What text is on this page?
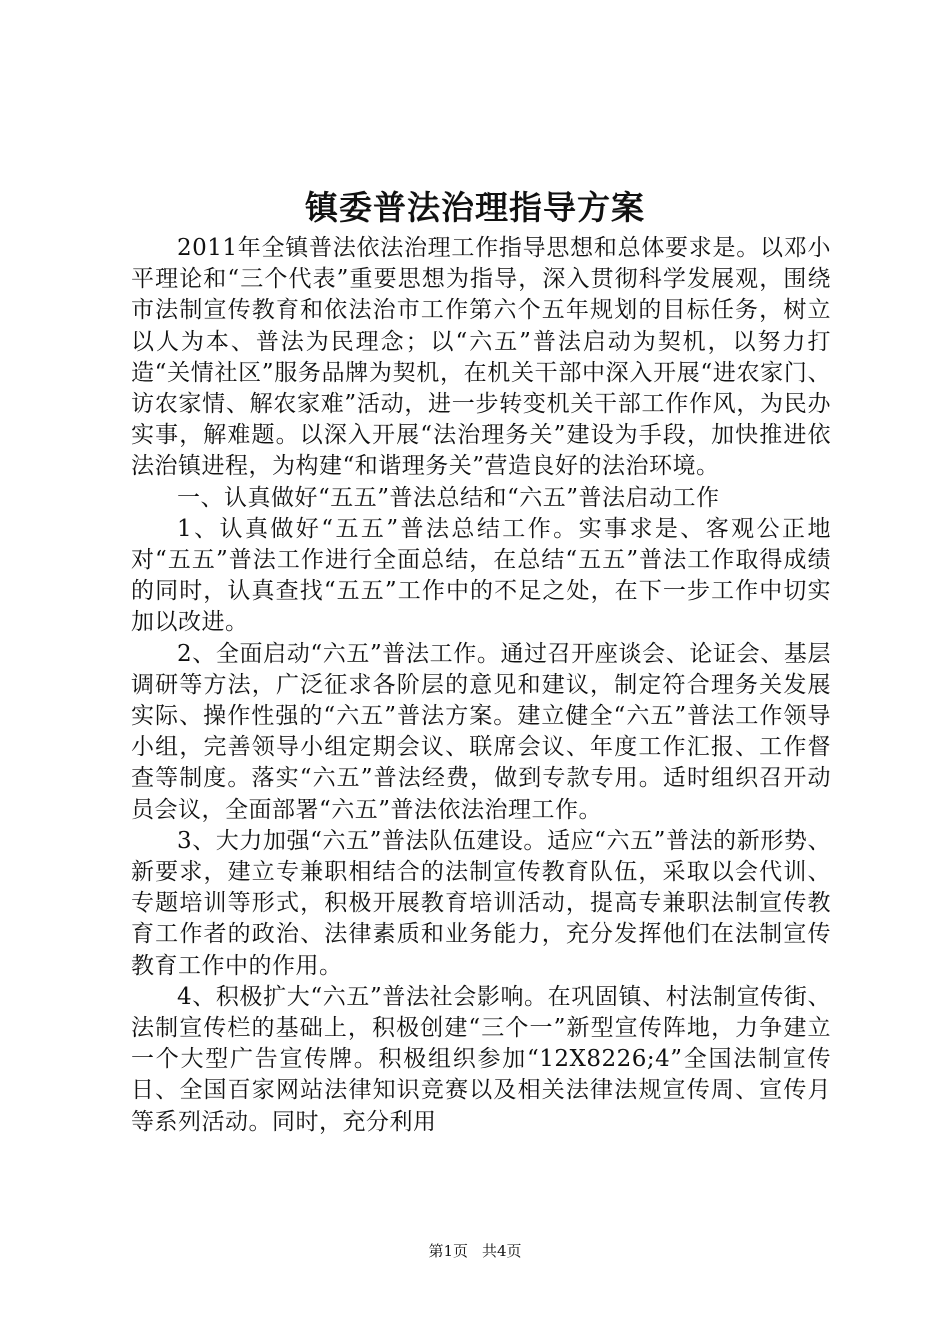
镇委普法治理指导方案

2011年全镇普法依法治理工作指导思想和总体要求是。以邓小平理论和“三个代表”重要思想为指导，深入贯彻科学发展观，围绕市法制宣传教育和依法治市工作第六个五年规划的目标任务，树立以人为本、普法为民理念；以“六五”普法启动为契机，以努力打造“关情社区”服务品牌为契机，在机关干部中深入开展“进农家门、访农家情、解农家难”活动，进一步转变机关干部工作作风，为民办实事，解难题。以深入开展“法治理务关”建设为手段，加快推进依法治镇进程，为构建“和谐理务关”营造良好的法治环境。

一、认真做好“五五”普法总结和“六五”普法启动工作

1、认真做好“五五”普法总结工作。实事求是、客观公正地对“五五”普法工作进行全面总结，在总结“五五”普法工作取得成绩的同时，认真查找“五五”工作中的不足之处，在下一步工作中切实加以改进。

2、全面启动“六五”普法工作。通过召开座谈会、论证会、基层调研等方法，广泛征求各阶层的意见和建议，制定符合理务关发展实际、操作性强的“六五”普法方案。建立健全“六五”普法工作领导小组，完善领导小组定期会议、联席会议、年度工作汇报、工作督查等制度。落实“六五”普法经费，做到专款专用。适时组织召开动员会议，全面部署“六五”普法依法治理工作。

3、大力加强“六五”普法队伍建设。适应“六五”普法的新形势、新要求，建立专兼职相结合的法制宣传教育队伍，采取以会代训、专题培训等形式，积极开展教育培训活动，提高专兼职法制宣传教育工作者的政治、法律素质和业务能力，充分发挥他们在法制宣传教育工作中的作用。

4、积极扩大“六五”普法社会影响。在巩固镇、村法制宣传街、法制宣传栏的基础上，积极创建“三个一”新型宣传阵地，力争建立一个大型广告宣传牌。积极组织参加“12X8226;4”全国法制宣传日、全国百家网站法律知识竞赛以及相关法律法规宣传周、宣传月等系列活动。同时，充分利用

第1页 共4页
